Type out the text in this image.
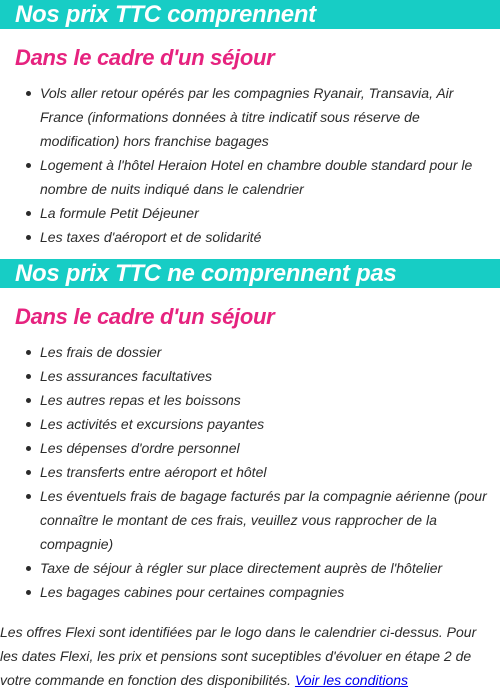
Nos prix TTC comprennent
Dans le cadre d'un séjour
Vols aller retour opérés par les compagnies Ryanair, Transavia, Air France (informations données à titre indicatif sous réserve de modification) hors franchise bagages
Logement à l'hôtel Heraion Hotel en chambre double standard pour le nombre de nuits indiqué dans le calendrier
La formule Petit Déjeuner
Les taxes d'aéroport et de solidarité
Nos prix TTC ne comprennent pas
Dans le cadre d'un séjour
Les frais de dossier
Les assurances facultatives
Les autres repas et les boissons
Les activités et excursions payantes
Les dépenses d'ordre personnel
Les transferts entre aéroport et hôtel
Les éventuels frais de bagage facturés par la compagnie aérienne (pour connaître le montant de ces frais, veuillez vous rapprocher de la compagnie)
Taxe de séjour à régler sur place directement auprès de l'hôtelier
Les bagages cabines pour certaines compagnies
Les offres Flexi sont identifiées par le logo dans le calendrier ci-dessus. Pour les dates Flexi, les prix et pensions sont suceptibles d'évoluer en étape 2 de votre commande en fonction des disponibilités. Voir les conditions
